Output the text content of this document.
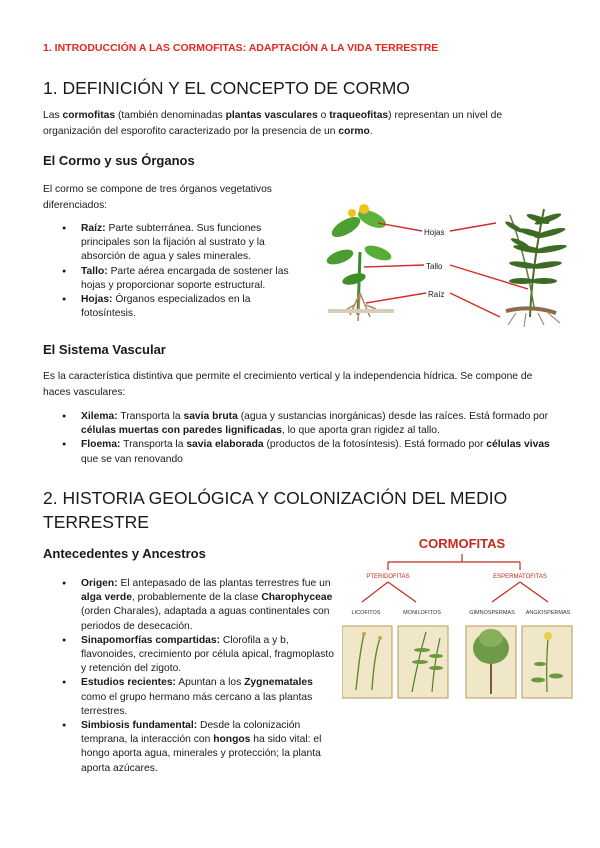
1. INTRODUCCIÓN A LAS CORMOFITAS: ADAPTACIÓN A LA VIDA TERRESTRE
1. DEFINICIÓN Y EL CONCEPTO DE CORMO
Las cormofitas (también denominadas plantas vasculares o traqueofitas) representan un nivel de organización del esporofito caracterizado por la presencia de un cormo.
El Cormo y sus Órganos
El cormo se compone de tres órganos vegetativos diferenciados:
● Raíz: Parte subterránea. Sus funciones principales son la fijación al sustrato y la absorción de agua y sales minerales.
● Tallo: Parte aérea encargada de sostener las hojas y proporcionar soporte estructural.
● Hojas: Órganos especializados en la fotosíntesis.
Hojas
Tallo
Raíz
El Sistema Vascular
Es la característica distintiva que permite el crecimiento vertical y la independencia hídrica. Se compone de haces vasculares:
● Xilema: Transporta la savia bruta (agua y sustancias inorgánicas) desde las raíces. Está formado por células muertas con paredes lignificadas, lo que aporta gran rigidez al tallo.
● Floema: Transporta la savia elaborada (productos de la fotosíntesis). Está formado por células vivas que se van renovando
2. HISTORIA GEOLÓGICA Y COLONIZACIÓN DEL MEDIO
TERRESTRE
Antecedentes y Ancestros
● Origen: El antepasado de las plantas terrestres fue un alga verde, probablemente de la clase Charophyceae (orden Charales), adaptada a aguas continentales con periodos de desecación.
● Sinapomorfías compartidas: Clorofila a y b, flavonoides, crecimiento por célula apical, fragmoplasto y retención del zigoto.
● Estudios recientes: Apuntan a los Zygnematales como el grupo hermano más cercano a las plantas terrestres.
● Simbiosis fundamental: Desde la colonización temprana, la interacción con hongos ha sido vital: el hongo aporta agua, minerales y protección; la planta aporta azúcares.
CORMOFITAS
PTERIDOFITAS	ESPERMATOFITAS
LICOFITOS	MONILOFITOS	GIMNOSPERMAS ANGIOSPERMAS
